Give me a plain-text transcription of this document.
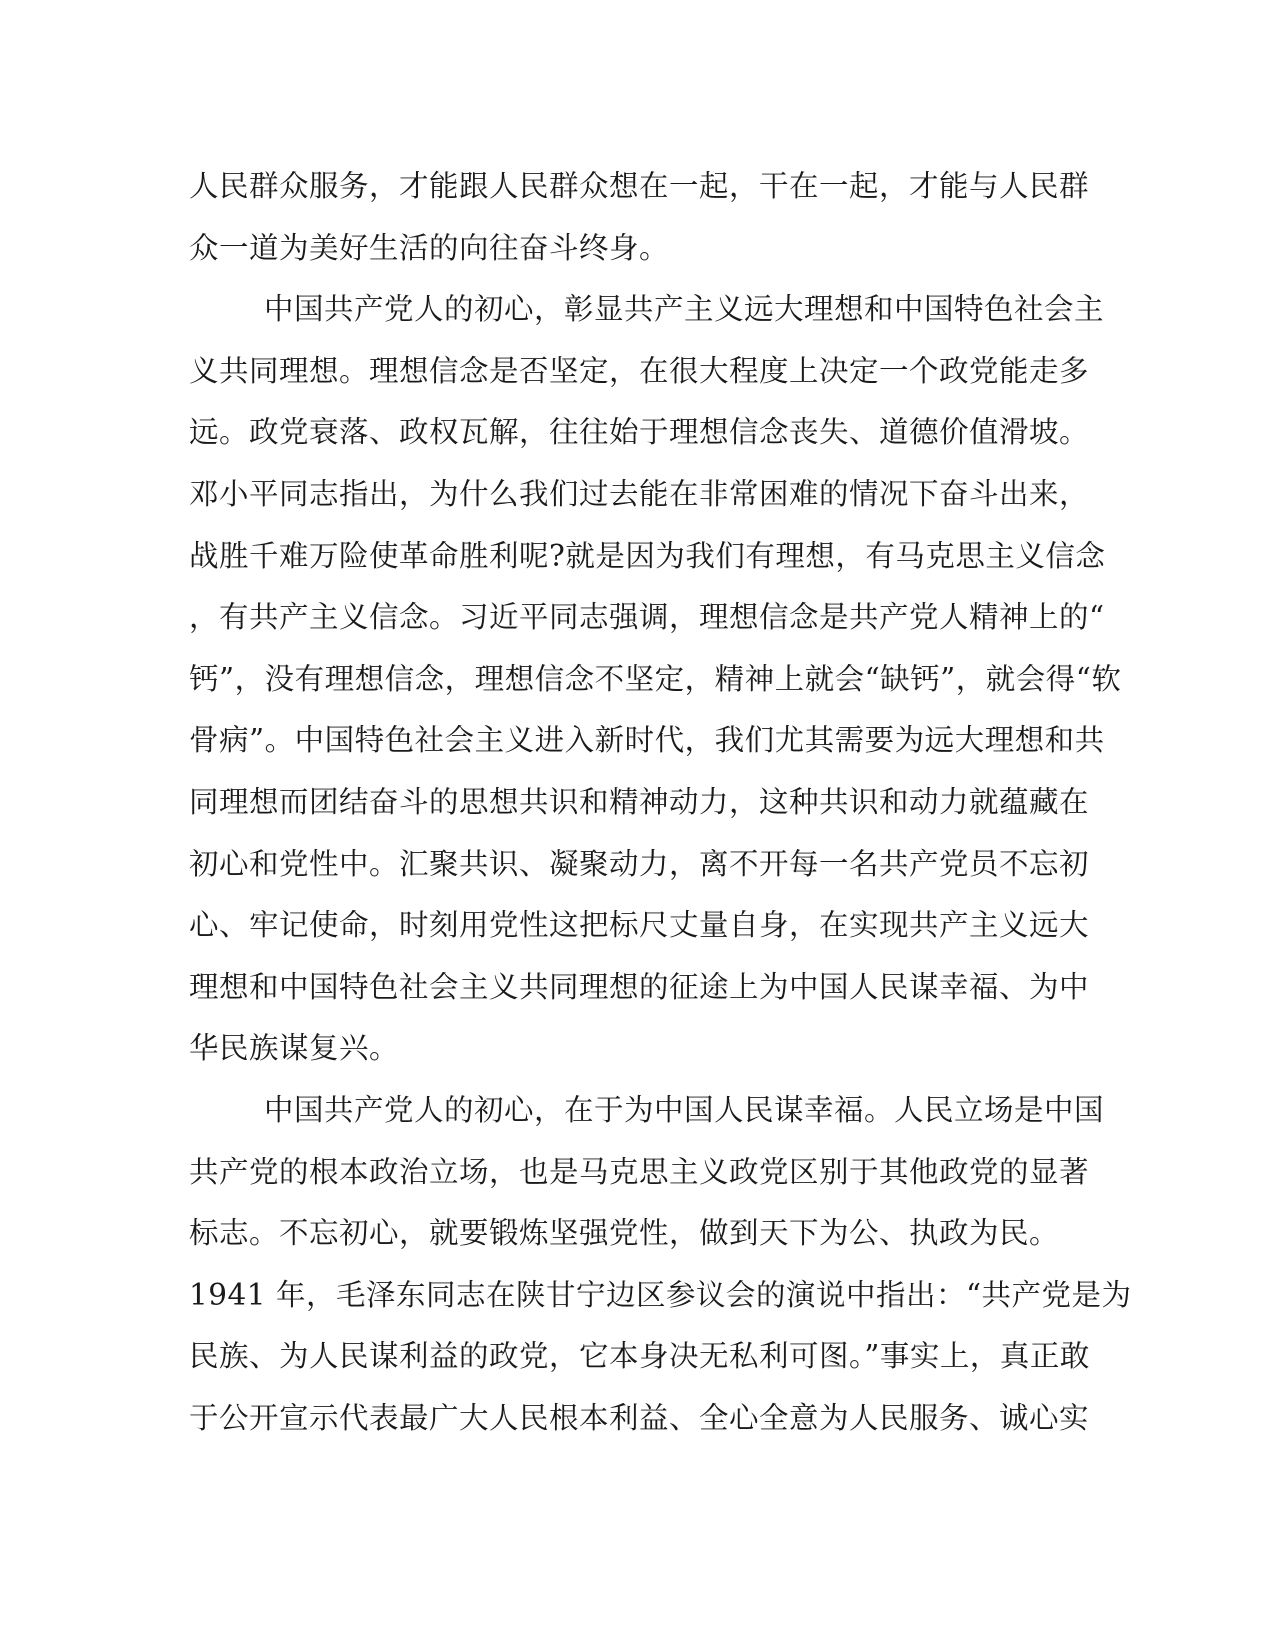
人民群众服务，才能跟人民群众想在一起，干在一起，才能与人民群
众一道为美好生活的向往奋斗终身。
中国共产党人的初心，彰显共产主义远大理想和中国特色社会主
义共同理想。理想信念是否坚定，在很大程度上决定一个政党能走多
远。政党衰落、政权瓦解，往往始于理想信念丧失、道德价值滑坡。
邓小平同志指出，为什么我们过去能在非常困难的情况下奋斗出来，
战胜千难万险使革命胜利呢?就是因为我们有理想，有马克思主义信念
，有共产主义信念。习近平同志强调，理想信念是共产党人精神上的“
钙”，没有理想信念，理想信念不坚定，精神上就会“缺钙”，就会得“软
骨病”。中国特色社会主义进入新时代，我们尤其需要为远大理想和共
同理想而团结奋斗的思想共识和精神动力，这种共识和动力就蕴藏在
初心和党性中。汇聚共识、凝聚动力，离不开每一名共产党员不忘初
心、牢记使命，时刻用党性这把标尺丈量自身，在实现共产主义远大
理想和中国特色社会主义共同理想的征途上为中国人民谋幸福、为中
华民族谋复兴。
中国共产党人的初心，在于为中国人民谋幸福。人民立场是中国
共产党的根本政治立场，也是马克思主义政党区别于其他政党的显著
标志。不忘初心，就要锻炼坚强党性，做到天下为公、执政为民。
1941 年，毛泽东同志在陕甘宁边区参议会的演说中指出：“共产党是为
民族、为人民谋利益的政党，它本身决无私利可图。”事实上，真正敢
于公开宣示代表最广大人民根本利益、全心全意为人民服务、诚心实
